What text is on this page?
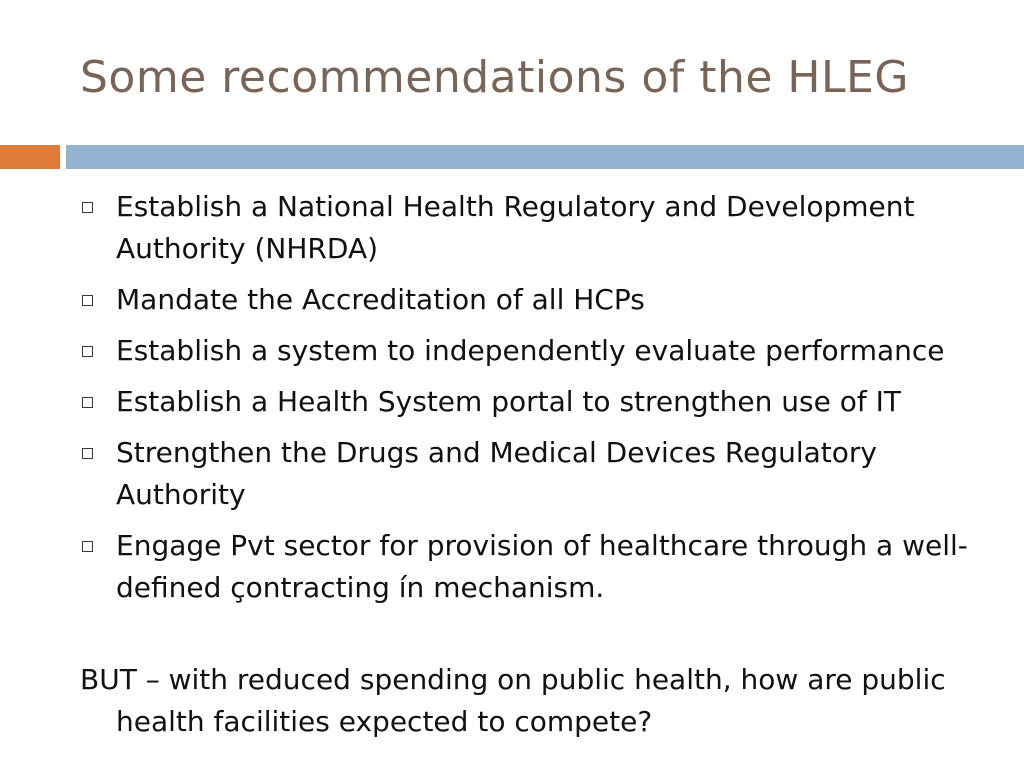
Some recommendations of the HLEG
Establish a National Health Regulatory and Development Authority (NHRDA)
Mandate the Accreditation of all HCPs
Establish a system to independently evaluate performance
Establish a Health System portal to strengthen use of IT
Strengthen the Drugs and Medical Devices Regulatory Authority
Engage Pvt sector for provision of healthcare through a well-defined çontracting ín mechanism.
BUT – with reduced spending on public health, how are public health facilities expected to compete?
